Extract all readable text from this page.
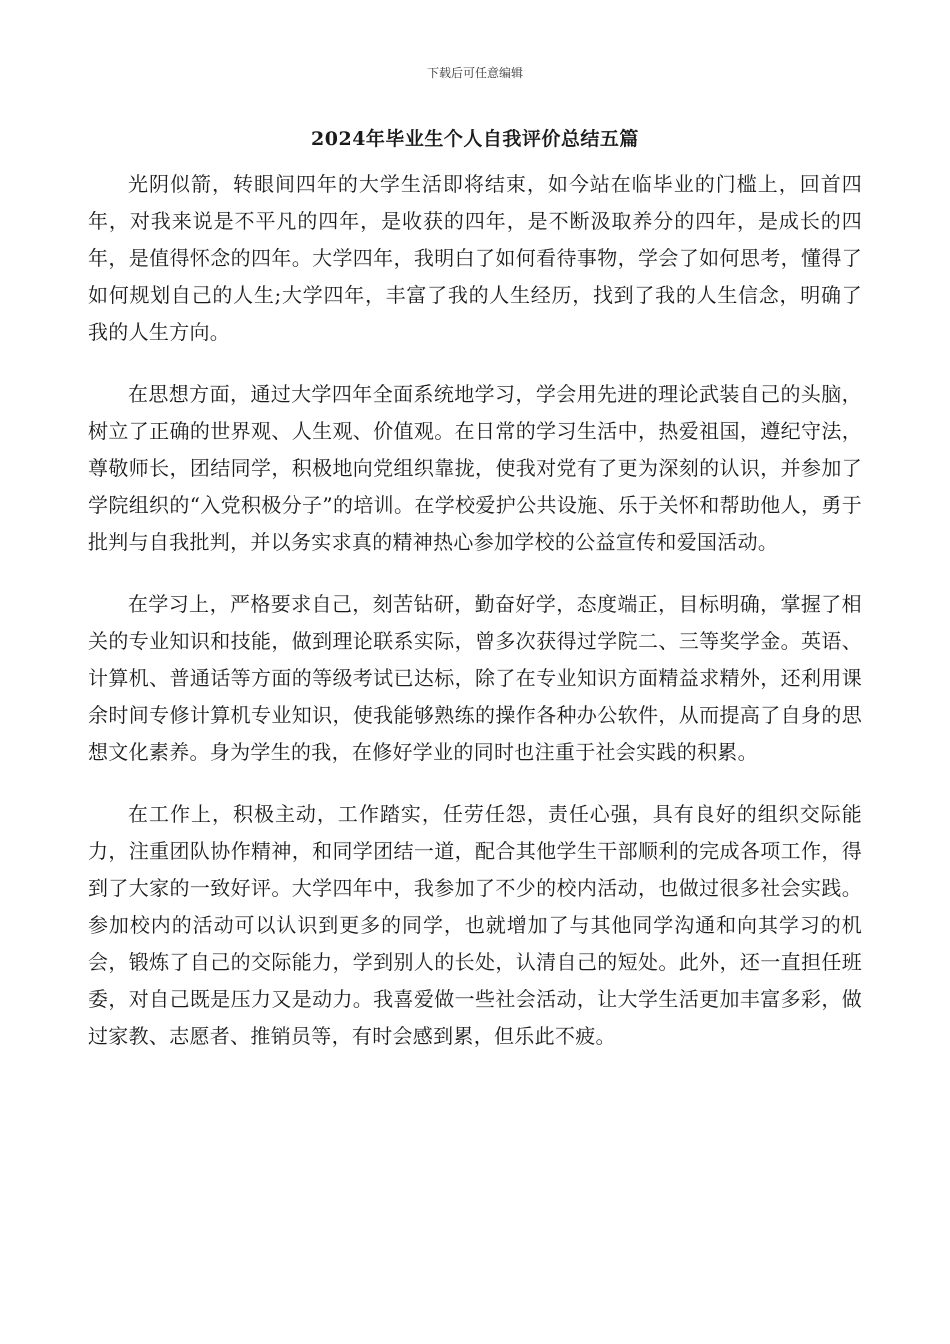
下载后可任意编辑
2024年毕业生个人自我评价总结五篇

光阴似箭，转眼间四年的大学生活即将结束，如今站在临毕业的门槛上，回首四年，对我来说是不平凡的四年，是收获的四年，是不断汲取养分的四年，是成长的四年，是值得怀念的四年。大学四年，我明白了如何看待事物，学会了如何思考，懂得了如何规划自己的人生;大学四年，丰富了我的人生经历，找到了我的人生信念，明确了我的人生方向。

在思想方面，通过大学四年全面系统地学习，学会用先进的理论武装自己的头脑，树立了正确的世界观、人生观、价值观。在日常的学习生活中，热爱祖国，遵纪守法，尊敬师长，团结同学，积极地向党组织靠拢，使我对党有了更为深刻的认识，并参加了学院组织的“入党积极分子”的培训。在学校爱护公共设施、乐于关怀和帮助他人，勇于批判与自我批判，并以务实求真的精神热心参加学校的公益宣传和爱国活动。

在学习上，严格要求自己，刻苦钻研，勤奋好学，态度端正，目标明确，掌握了相关的专业知识和技能，做到理论联系实际，曾多次获得过学院二、三等奖学金。英语、计算机、普通话等方面的等级考试已达标，除了在专业知识方面精益求精外，还利用课余时间专修计算机专业知识，使我能够熟练的操作各种办公软件，从而提高了自身的思想文化素养。身为学生的我，在修好学业的同时也注重于社会实践的积累。

在工作上，积极主动，工作踏实，任劳任怨，责任心强，具有良好的组织交际能力，注重团队协作精神，和同学团结一道，配合其他学生干部顺利的完成各项工作，得到了大家的一致好评。大学四年中，我参加了不少的校内活动，也做过很多社会实践。参加校内的活动可以认识到更多的同学，也就增加了与其他同学沟通和向其学习的机会，锻炼了自己的交际能力，学到别人的长处，认清自己的短处。此外，还一直担任班委，对自己既是压力又是动力。我喜爱做一些社会活动，让大学生活更加丰富多彩，做过家教、志愿者、推销员等，有时会感到累，但乐此不疲。
